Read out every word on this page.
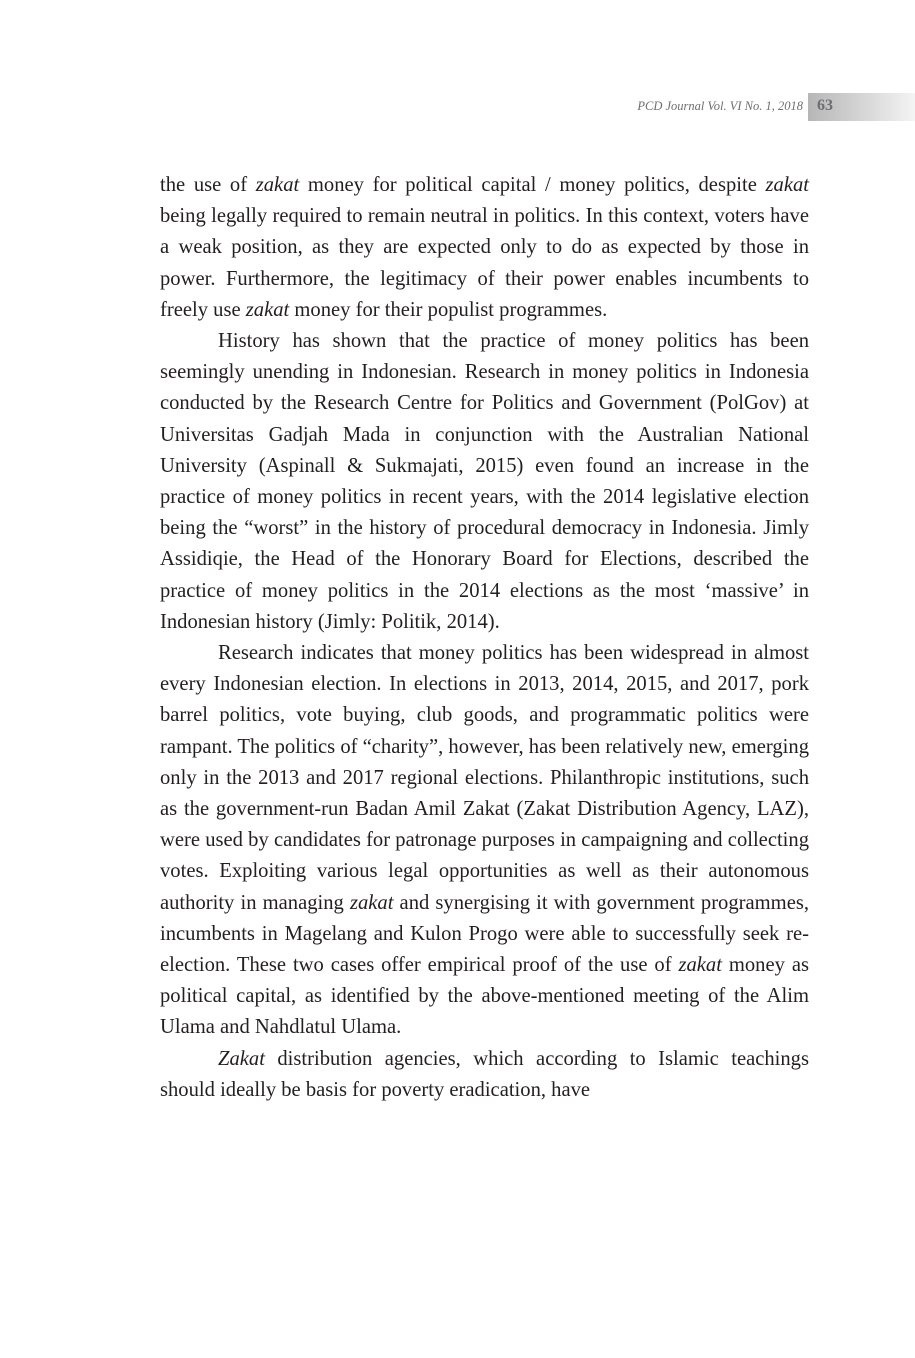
PCD Journal Vol. VI No. 1, 2018 63

the use of zakat money for political capital / money politics, despite zakat being legally required to remain neutral in politics. In this context, voters have a weak position, as they are expected only to do as expected by those in power. Furthermore, the legitimacy of their power enables incumbents to freely use zakat money for their populist programmes.

History has shown that the practice of money politics has been seemingly unending in Indonesian. Research in money politics in Indonesia conducted by the Research Centre for Politics and Government (PolGov) at Universitas Gadjah Mada in conjunction with the Australian National University (Aspinall & Sukmajati, 2015) even found an increase in the practice of money politics in recent years, with the 2014 legislative election being the “worst” in the history of procedural democracy in Indonesia. Jimly Assidiqie, the Head of the Honorary Board for Elections, described the practice of money politics in the 2014 elections as the most ‘massive’ in Indonesian history (Jimly: Politik, 2014).

Research indicates that money politics has been widespread in almost every Indonesian election. In elections in 2013, 2014, 2015, and 2017, pork barrel politics, vote buying, club goods, and programmatic politics were rampant. The politics of “charity”, however, has been relatively new, emerging only in the 2013 and 2017 regional elections. Philanthropic institutions, such as the government-run Badan Amil Zakat (Zakat Distribution Agency, LAZ), were used by candidates for patronage purposes in campaigning and collecting votes. Exploiting various legal opportunities as well as their autonomous authority in managing zakat and synergising it with government programmes, incumbents in Magelang and Kulon Progo were able to successfully seek re-election. These two cases offer empirical proof of the use of zakat money as political capital, as identified by the above-mentioned meeting of the Alim Ulama and Nahdlatul Ulama.

Zakat distribution agencies, which according to Islamic teachings should ideally be basis for poverty eradication, have
